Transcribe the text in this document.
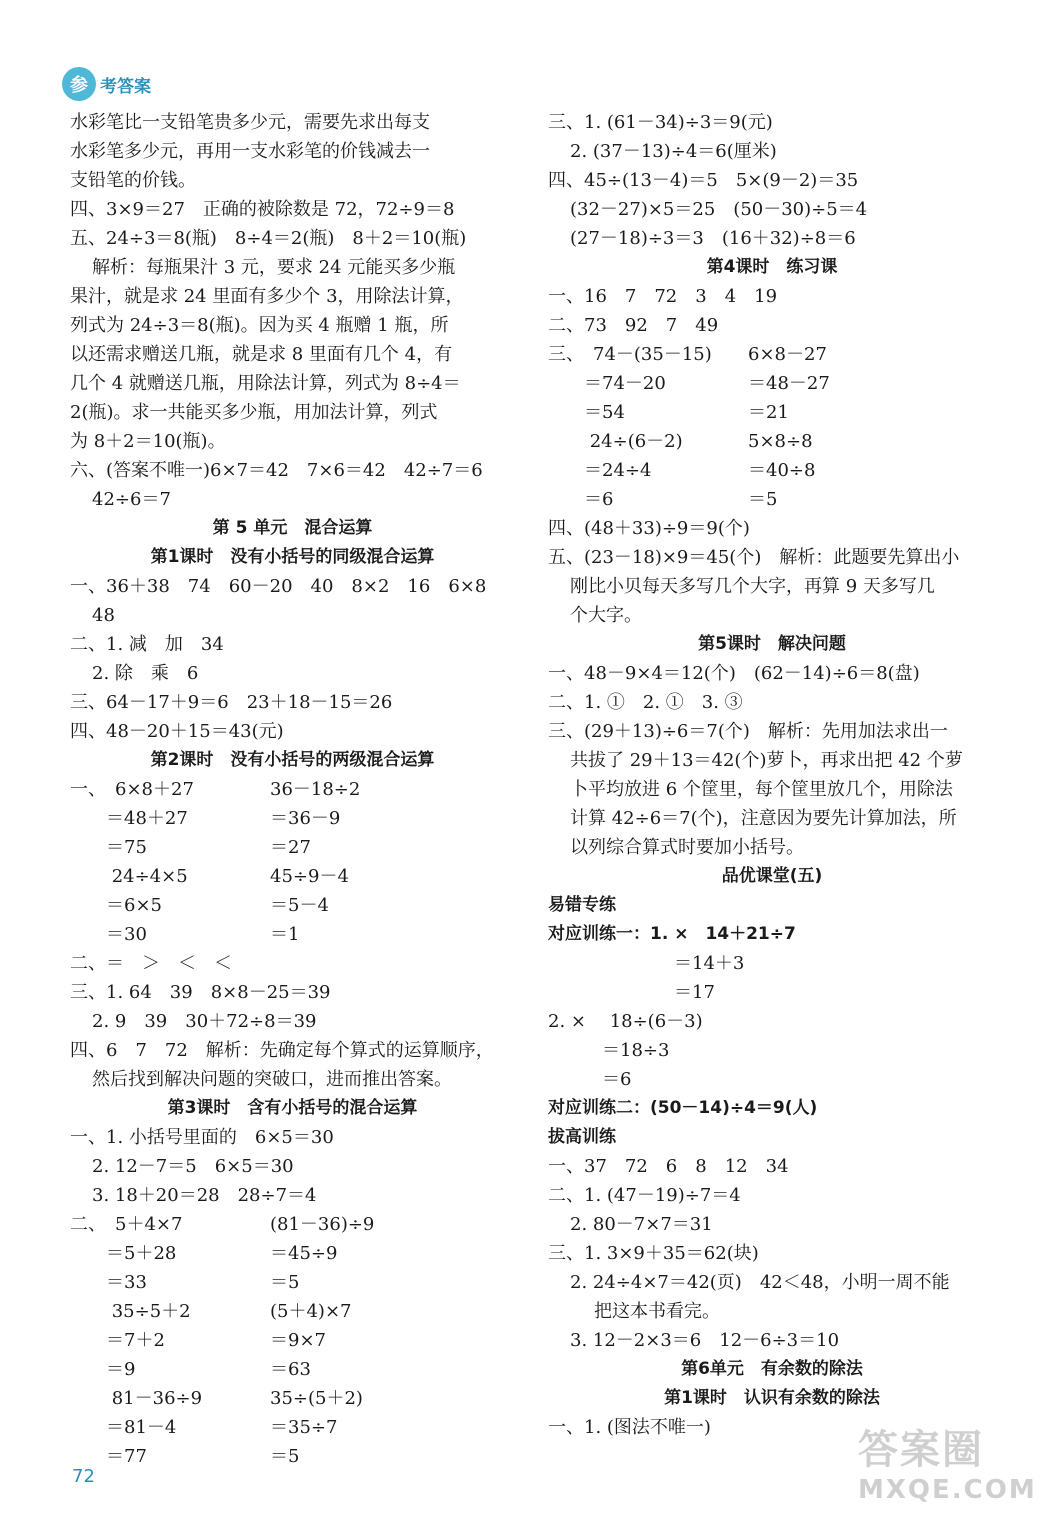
参 考答案
水彩笔比一支铅笔贵多少元，需要先求出每支
水彩笔多少元，再用一支水彩笔的价钱减去一
支铅笔的价钱。
四、3×9＝27　正确的被除数是 72，72÷9＝8
五、24÷3＝8(瓶)　8÷4＝2(瓶)　8＋2＝10(瓶)
解析：每瓶果汁 3 元，要求 24 元能买多少瓶
果汁，就是求 24 里面有多少个 3，用除法计算，
列式为 24÷3＝8(瓶)。因为买 4 瓶赠 1 瓶，所
以还需求赠送几瓶，就是求 8 里面有几个 4，有
几个 4 就赠送几瓶，用除法计算，列式为 8÷4＝
2(瓶)。求一共能买多少瓶，用加法计算，列式
为 8＋2＝10(瓶)。
六、(答案不唯一)6×7＝42　7×6＝42　42÷7＝6
42÷6＝7
第 5 单元　混合运算
第1课时　没有小括号的同级混合运算
一、36＋38　74　60－20　40　8×2　16　6×8
48
二、1. 减　加　34
2. 除　乘　6
三、64－17＋9＝6　23＋18－15＝26
四、48－20＋15＝43(元)
第2课时　没有小括号的两级混合运算
一、　6×8＋27	36－18÷2
　　＝48＋27	＝36－9
　　＝75	＝27
　　 24÷4×5	45÷9－4
　　＝6×5	＝5－4
　　＝30	＝1
二、＝　＞　＜　＜
三、1. 64　39　8×8－25＝39
2. 9　39　30＋72÷8＝39
四、6　7　72　解析：先确定每个算式的运算顺序，
然后找到解决问题的突破口，进而推出答案。
第3课时　含有小括号的混合运算
一、1. 小括号里面的　6×5＝30
2. 12－7＝5　6×5＝30
3. 18＋20＝28　28÷7＝4
二、　5＋4×7	(81－36)÷9
　　＝5＋28	＝45÷9
　　＝33	＝5
　　 35÷5＋2	(5＋4)×7
　　＝7＋2	＝9×7
　　＝9	＝63
　　 81－36÷9	35÷(5＋2)
　　＝81－4	＝35÷7
　　＝77	＝5
三、1. (61－34)÷3＝9(元)
2. (37－13)÷4＝6(厘米)
四、45÷(13－4)＝5　5×(9－2)＝35
(32－27)×5＝25　(50－30)÷5＝4
(27－18)÷3＝3　(16＋32)÷8＝6
第4课时　练习课
一、16　7　72　3　4　19
二、73　92　7　49
三、　74－(35－15)	6×8－27
　　＝74－20	＝48－27
　　＝54	＝21
　　 24÷(6－2)	5×8÷8
　　＝24÷4	＝40÷8
　　＝6	＝5
四、(48＋33)÷9＝9(个)
五、(23－18)×9＝45(个)　解析：此题要先算出小
刚比小贝每天多写几个大字，再算 9 天多写几
个大字。
第5课时　解决问题
一、48－9×4＝12(个)　(62－14)÷6＝8(盘)
二、1. ①　2. ①　3. ③
三、(29＋13)÷6＝7(个)　解析：先用加法求出一
共拔了 29＋13＝42(个)萝卜，再求出把 42 个萝
卜平均放进 6 个筐里，每个筐里放几个，用除法
计算 42÷6＝7(个)，注意因为要先计算加法，所
以列综合算式时要加小括号。
品优课堂(五)
易错专练
对应训练一：1. ×　14＋21÷7
　　　　　　　＝14＋3
　　　　　　　＝17
2. ×　 18÷(6－3)
　　　＝18÷3
　　　＝6
对应训练二：(50－14)÷4＝9(人)
拔高训练
一、37　72　6　8　12　34
二、1. (47－19)÷7＝4
2. 80－7×7＝31
三、1. 3×9＋35＝62(块)
2. 24÷4×7＝42(页)　42＜48，小明一周不能
把这本书看完。
3. 12－2×3＝6　12－6÷3＝10
第6单元　有余数的除法
第1课时　认识有余数的除法
一、1. (图法不唯一)
72
答案圈
MXQE.COM
